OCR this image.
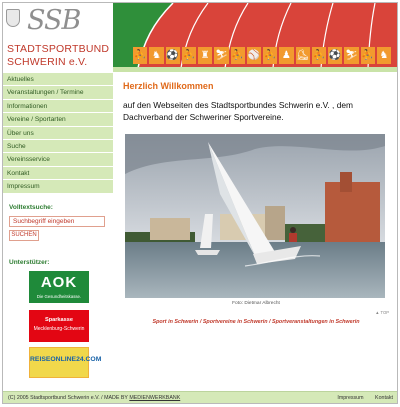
SSB
STADTSPORTBUND
SCHWERIN e.V.
Aktuelles
Veranstaltungen / Termine
Informationen
Vereine / Sportarten
Über uns
Suche
Vereinsservice
Kontakt
Impressum
Volltextsuche:
Suchbegriff eingeben
SUCHEN
Unterstützer:
AOK
Die Gesundheitskasse.
Sparkasse
Mecklenburg-Schwerin
REISEONLINE24.COM
⛹ ♞ ⚽ ⛹ ♜ ⛷ ⛹ ⚾ ⛹ ♟ ⛸ ⛹ ⚽ ⛷ ⛹ ♞
Herzlich Willkommen
auf den Webseiten des Stadtsportbundes Schwerin e.V. , dem Dachverband der Schweriner Sportvereine.
Foto: Dietmar Albrecht
▲ TOP
Sport in Schwerin / Sportvereine in Schwerin / Sportveranstaltungen in Schwerin
(C) 2005 Stadtsportbund Schwerin e.V. / MADE BY MEDIENWERKBANK	Impressum Kontakt
